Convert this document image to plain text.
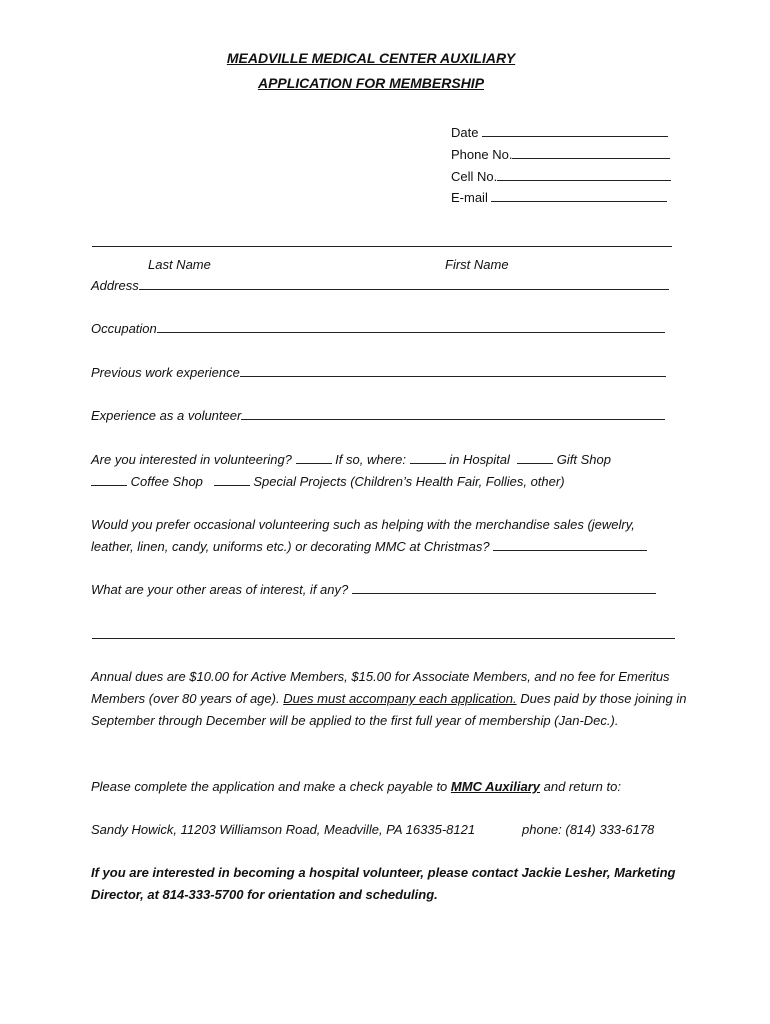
MEADVILLE MEDICAL CENTER AUXILIARY
APPLICATION FOR MEMBERSHIP
Date
Phone No.
Cell No.
E-mail
Last Name	First Name
Address
Occupation
Previous work experience
Experience as a volunteer
Are you interested in volunteering?	If so, where:	in Hospital	Gift Shop
Coffee Shop	Special Projects (Children’s Health Fair, Follies, other)
Would you prefer occasional volunteering such as helping with the merchandise sales (jewelry,
leather, linen, candy, uniforms etc.) or decorating MMC at Christmas?
What are your other areas of interest, if any?
Annual dues are $10.00 for Active Members, $15.00 for Associate Members, and no fee for Emeritus Members (over 80 years of age). Dues must accompany each application. Dues paid by those joining in September through December will be applied to the first full year of membership (Jan-Dec.).
Please complete the application and make a check payable to MMC Auxiliary and return to:
Sandy Howick, 11203 Williamson Road, Meadville, PA 16335-8121	phone: (814) 333-6178
If you are interested in becoming a hospital volunteer, please contact Jackie Lesher, Marketing Director, at 814-333-5700 for orientation and scheduling.
